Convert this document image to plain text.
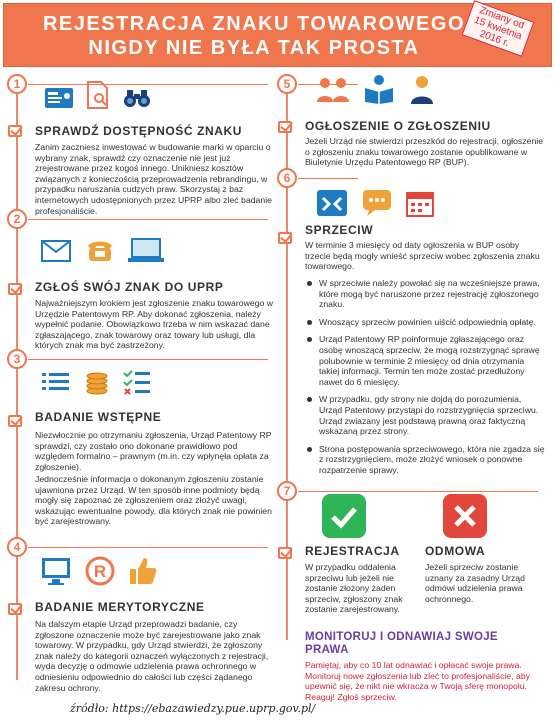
REJESTRACJA ZNAKU TOWAROWEGO
NIGDY NIE BYŁA TAK PROSTA
Zmiany od 15 kwietnia 2016 r.
1
SPRAWDŹ DOSTĘPNOŚĆ ZNAKU
Zanim zaczniesz inwestować w budowanie marki w oparciu o wybrany znak, sprawdź czy oznaczenie nie jest już zrejestrowane przez kogoś innego. Unikniesz kosztów związanych z konieczością przeprowadzenia rebrandingu, w przypadku naruszania cudzych praw. Skorzystaj z baz internetowych udostępnionych przez UPRP albo zleć badanie profesjonaliście.
2
ZGŁOŚ SWÓJ ZNAK DO UPRP
Najważniejszym krokiem jest zgłoszenie znaku towarowego w Urzędzie Patentowym RP. Aby dokonać zgłoszenia, należy wypełnić podanie. Obowiązkowo trzeba w nim wskazać dane zgłaszającego, znak towarowy oraz towary lub usługi, dla których znak ma być zastrzeżony.
3
BADANIE WSTĘPNE
Niezwłocznie po otrzymaniu zgłoszenia, Urząd Patentowy RP sprawdzi, czy zostało ono dokonane prawidłowo pod względem formalno – prawnym (m.in. czy wpłynęła opłata za zgłoszenie).
Jednocześnie informacja o dokonanym zgłoszeniu zostanie ujawniona przez Urząd. W ten sposób inne podmioty będą mogły się zapoznać ze zgłoszeniem oraz złożyć uwagi, wskazując ewentualne powody, dla których znak nie powinien być zarejestrowany.
4
R
BADANIE MERYTORYCZNE
Na dalszym etapie Urząd przeprowadzi badanie, czy zgłoszone oznaczenie może być zarejestrowane jako znak towarowy. W przypadku, gdy Urząd stwierdzi, że zgłoszony znak należy do kategorii oznaczeń wyłączonych z rejestracji, wyda decyzję o odmowie udzielenia prawa ochronnego w odniesieniu odpowiednio do całości lub części żądanego zakresu ochrony.
5
OGŁOSZENIE O ZGŁOSZENIU
Jeżeli Urząd nie stwierdzi przeszkód do rejestracji, ogłoszenie o zgłoszeniu znaku towarowego zostanie opublikowane w Biuletynie Urzędu Patentowego RP (BUP).
6
SPRZECIW
W terminie 3 miesięcy od daty ogłoszenia w BUP osoby trzecie będą mogły wnieść sprzeciw wobec zgłoszenia znaku towarowego.
W sprzeciwie należy powołać się na wcześniejsze prawa, które mogą być naruszone przez rejestrację zgłoszonego znaku.
Wnoszący sprzeciw powinien uiścić odpowiednią opłatę.
Urząd Patentowy RP poinformuje zgłaszającego oraz osobę wnoszącą sprzeciw, że mogą rozstrzygnąć sprawę polubownie w terminie 2 miesięcy od dnia otrzymania takiej informacji. Termin ten może zostać przedłużony nawet do 6 miesięcy.
W przypadku, gdy strony nie dojdą do porozumienia, Urząd Patentowy przystąpi do rozstrzygnięcia sprzeciwu. Urząd zwiazany jest podstawą prawną oraz faktyczną wskazaną przez strony.
Strona postępowania sprzeciwowego, która nie zgadza się z rozstrzygnięciem, może złożyć wniosek o ponowne rozpatrzenie sprawy.
7
REJESTRACJA
W przypadku oddalenia sprzeciwu lub jeżeli nie zostanie złożony żaden sprzeciw, zgłoszony znak zostanie zarejestrowany.
ODMOWA
Jeżeli sprzeciw zostanie uznany za zasadny Urząd odmówi udzielenia prawa ochronnego.
MONITORUJ I ODNAWIAJ SWOJE PRAWA
Pamiętaj, aby co 10 lat odnawiać i opłacać swoje prawa. Monitoruj nowe zgłoszenia lub zleć to profesjonaliście, aby upewnić się, że nikt nie wkracza w Twoją sferę monopolu. Reaguj! Zgłoś sprzeciw.
źródło: https://ebazawiedzy.pue.uprp.gov.pl/
